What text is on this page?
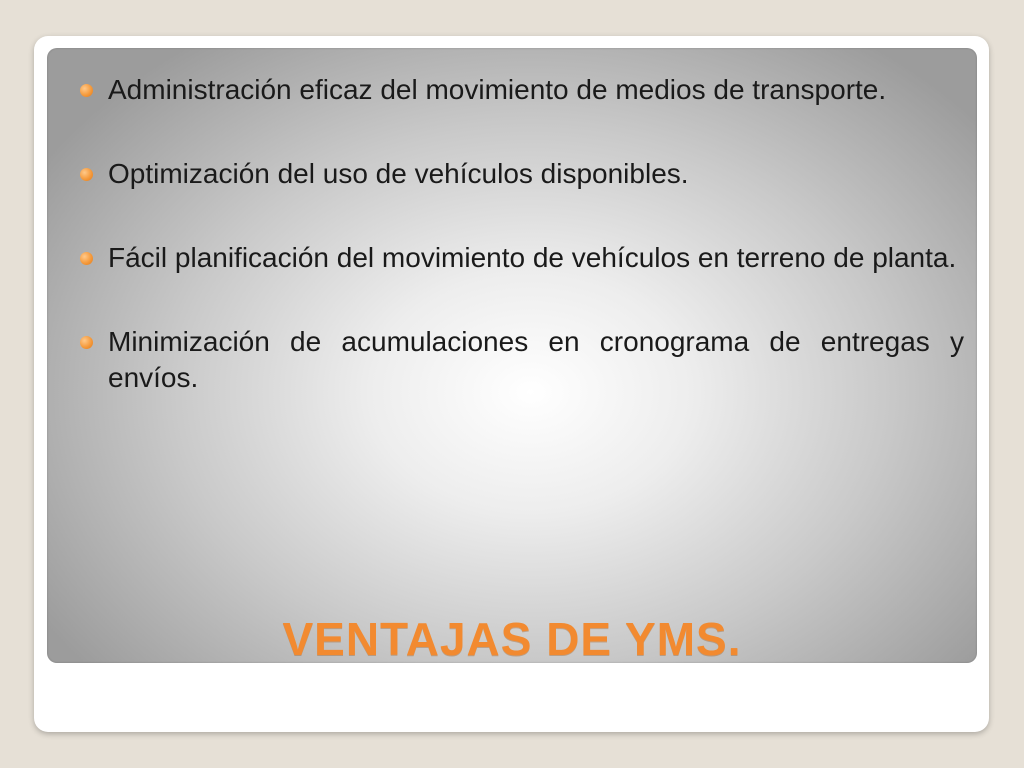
Administración eficaz del movimiento de medios de transporte.
Optimización del uso de vehículos disponibles.
Fácil planificación del movimiento de vehículos en terreno de planta.
Minimización de acumulaciones en cronograma de entregas y envíos.
VENTAJAS DE YMS.
